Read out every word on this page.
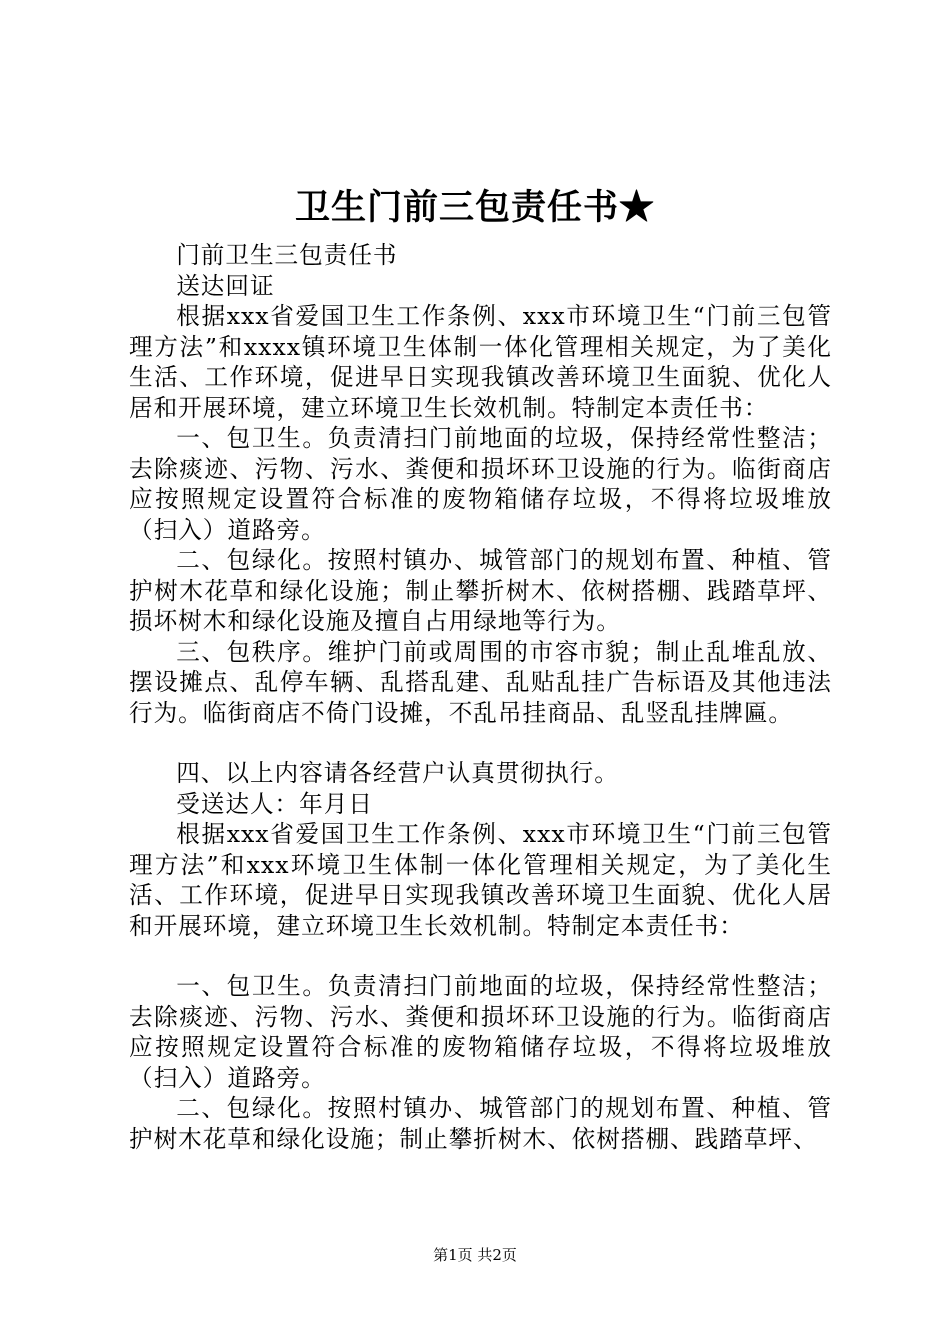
卫生门前三包责任书★

门前卫生三包责任书

送达回证

根据xxx省爱国卫生工作条例、xxx市环境卫生“门前三包管理方法”和xxxx镇环境卫生体制一体化管理相关规定，为了美化生活、工作环境，促进早日实现我镇改善环境卫生面貌、优化人居和开展环境，建立环境卫生长效机制。特制定本责任书：

一、包卫生。负责清扫门前地面的垃圾，保持经常性整洁；去除痰迹、污物、污水、粪便和损坏环卫设施的行为。临街商店应按照规定设置符合标准的废物箱储存垃圾，不得将垃圾堆放（扫入）道路旁。

二、包绿化。按照村镇办、城管部门的规划布置、种植、管护树木花草和绿化设施；制止攀折树木、依树搭棚、践踏草坪、损坏树木和绿化设施及擅自占用绿地等行为。

三、包秩序。维护门前或周围的市容市貌；制止乱堆乱放、摆设摊点、乱停车辆、乱搭乱建、乱贴乱挂广告标语及其他违法行为。临街商店不倚门设摊，不乱吊挂商品、乱竖乱挂牌匾。

四、以上内容请各经营户认真贯彻执行。

受送达人：年月日

根据xxx省爱国卫生工作条例、xxx市环境卫生“门前三包管理方法”和xxx环境卫生体制一体化管理相关规定，为了美化生活、工作环境，促进早日实现我镇改善环境卫生面貌、优化人居和开展环境，建立环境卫生长效机制。特制定本责任书：

一、包卫生。负责清扫门前地面的垃圾，保持经常性整洁；去除痰迹、污物、污水、粪便和损坏环卫设施的行为。临街商店应按照规定设置符合标准的废物箱储存垃圾，不得将垃圾堆放（扫入）道路旁。

二、包绿化。按照村镇办、城管部门的规划布置、种植、管护树木花草和绿化设施；制止攀折树木、依树搭棚、践踏草坪、

第1页 共2页
